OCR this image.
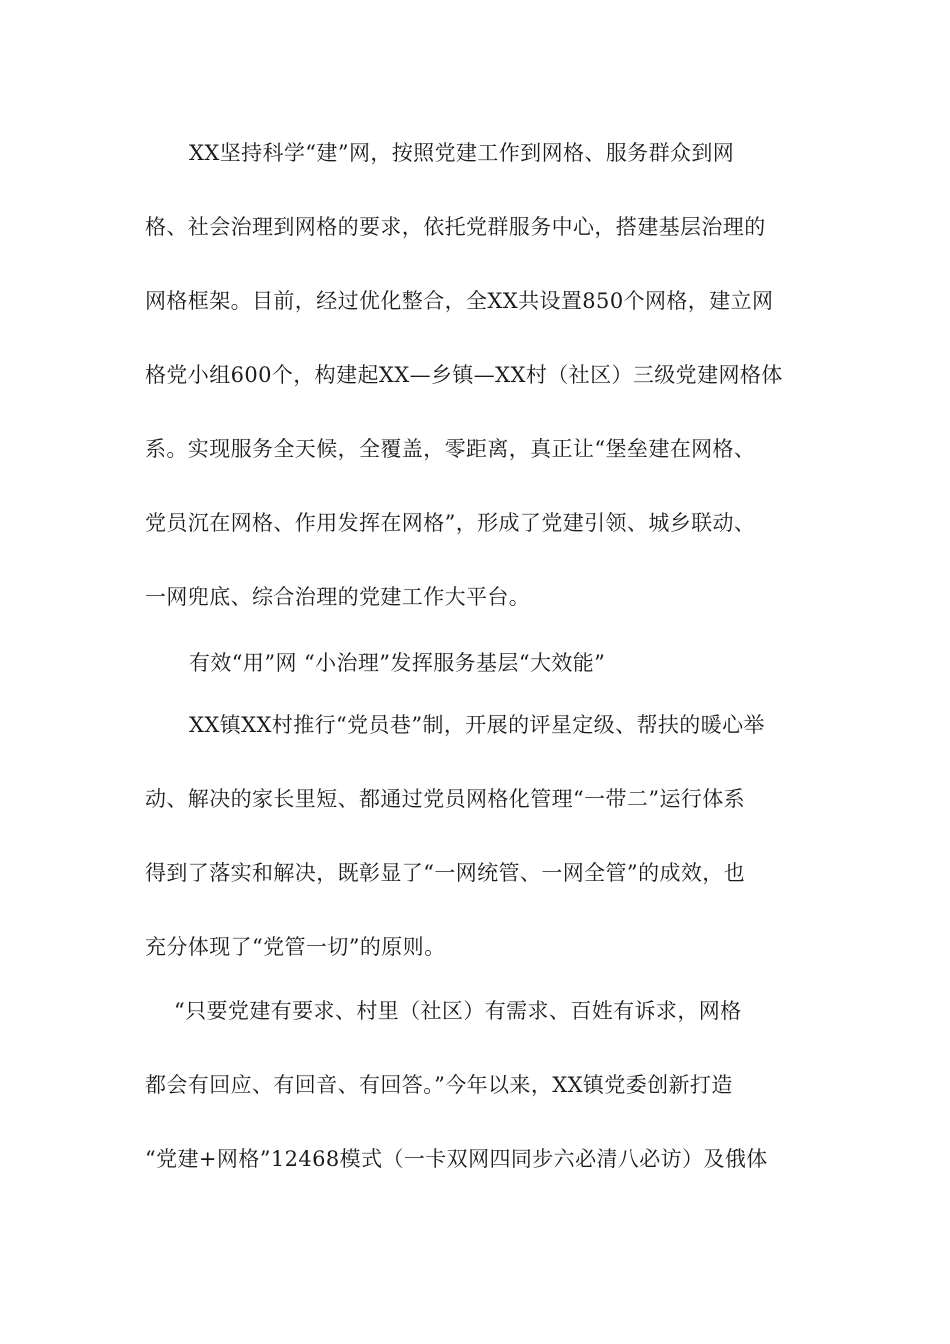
XX坚持科学“建”网，按照党建工作到网格、服务群众到网
格、社会治理到网格的要求，依托党群服务中心，搭建基层治理的
网格框架。目前，经过优化整合，全XX共设置850个网格，建立网
格党小组600个，构建起XX—乡镇—XX村（社区）三级党建网格体
系。实现服务全天候，全覆盖，零距离，真正让“堡垒建在网格、
党员沉在网格、作用发挥在网格”，形成了党建引领、城乡联动、
一网兜底、综合治理的党建工作大平台。
有效“用”网 “小治理”发挥服务基层“大效能”
XX镇XX村推行“党员巷”制，开展的评星定级、帮扶的暖心举
动、解决的家长里短、都通过党员网格化管理“一带二”运行体系
得到了落实和解决，既彰显了“一网统管、一网全管”的成效，也
充分体现了“党管一切”的原则。
“只要党建有要求、村里（社区）有需求、百姓有诉求，网格
都会有回应、有回音、有回答。”今年以来，XX镇党委创新打造
“党建+网格”12468模式（一卡双网四同步六必清八必访）及俄体
